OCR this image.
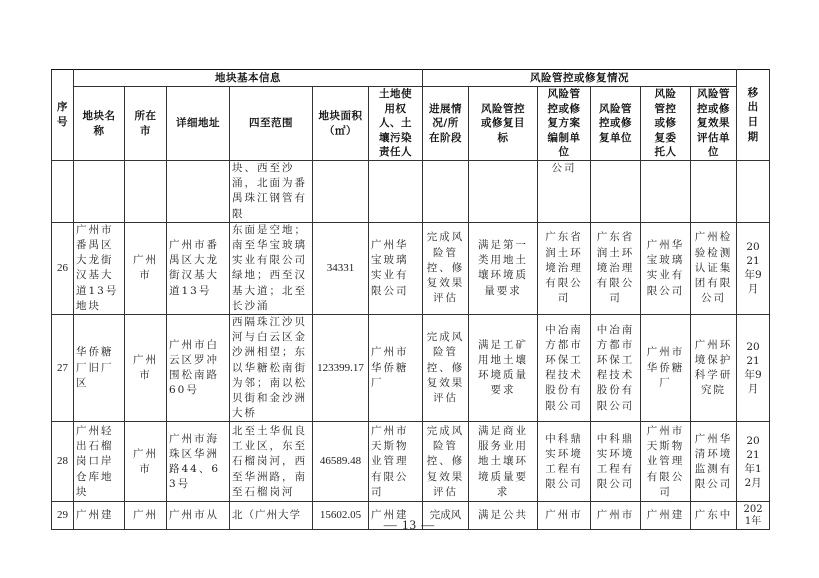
序号	地块基本信息						风险管控或修复情况						移出日期
	地块名称	所在市	详细地址	四至范围	地块面积（㎡）	土地使用权人、土壤污染责任人	进展情况/所在阶段	风险管控或修复目标	风险管控或修复方案编制单位	风险管控或修复单位	风险管控或修复委托人	风险管控或修复效果评估单位	
				块、西至沙涌，北面为番禺珠江钢管有限					公司				
26	广州市番禺区大龙街汉基大道13号地块	广州市	广州市番禺区大龙街汉基大道13号	东面是空地；南至华宝玻璃实业有限公司绿地；西至汉基大道；北至长沙涌	34331	广州华宝玻璃实业有限公司	完成风险管控、修复效果评估	满足第一类用地土壤环境质量要求	广东省润土环境治理有限公司	广东省润土环境治理有限公司	广州华宝玻璃实业有限公司	广州检验检测认证集团有限公司	2021年9月
27	华侨糖厂旧厂区	广州市	广州市白云区罗冲围松南路60号	西隔珠江沙贝河与白云区金沙洲相望；东以华糖松南街为邻；南以松贝街和金沙洲大桥	123399.17	广州市华侨糖厂	完成风险管控、修复效果评估	满足工矿用地土壤环境质量要求	中冶南方都市环保工程技术股份有限公司	中冶南方都市环保工程技术股份有限公司	广州市华侨糖厂	广州环境保护科学研究院	2021年9月
28	广州轻出石榴岗口岸仓库地块	广州市	广州市海珠区华洲路44、63号	北至土华侃良工业区，东至石榴岗河，西至华洲路，南至石榴岗河	46589.48	广州市天斯物业管理有限公司	完成风险管控、修复效果评估	满足商业服务业用地土壤环境质量要求	中科鼎实环境工程有限公司	中科鼎实环境工程有限公司	广州市天斯物业管理有限公司	广州华清环境监测有限公司	2021年12月
29	广州建	广州	广州市从	北（广州大学	15602.05	广州建	完成风	满足公共	广州市	广州市	广州建	广东中	2021年
— 13 —
